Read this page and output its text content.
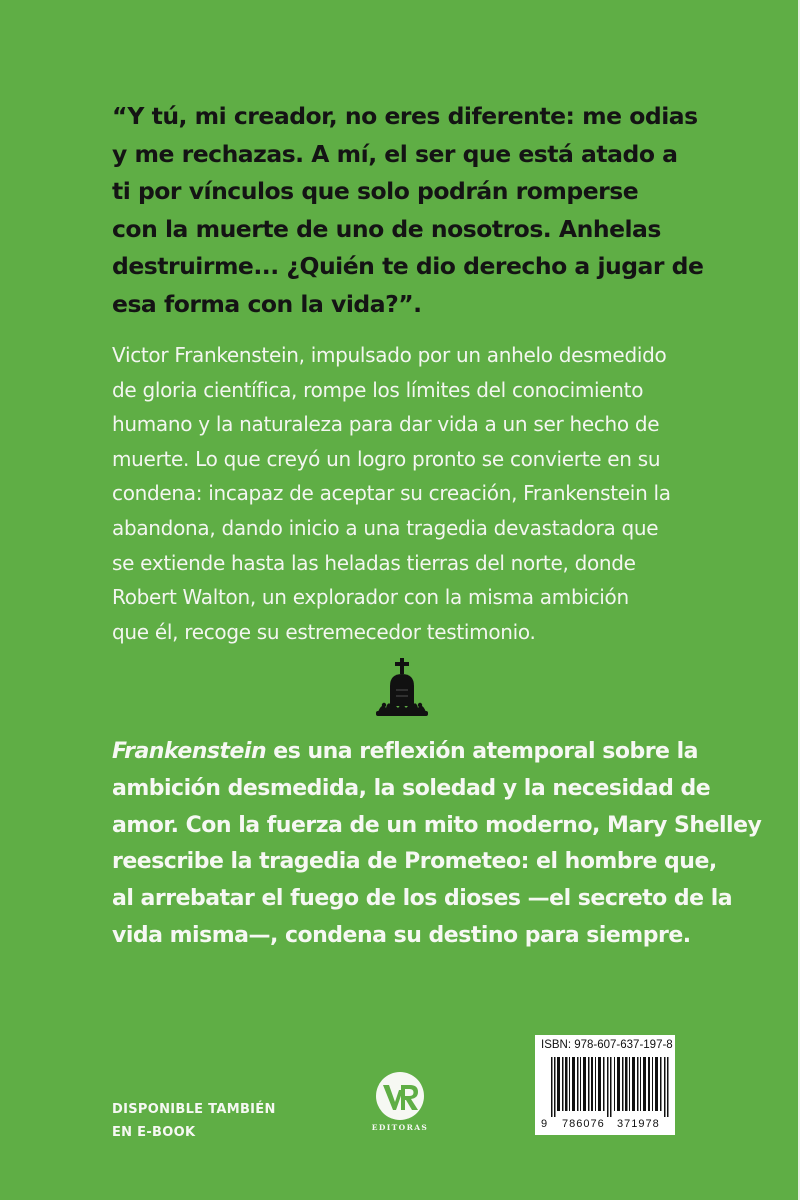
“Y tú, mi creador, no eres diferente: me odias
y me rechazas. A mí, el ser que está atado a
ti por vínculos que solo podrán romperse
con la muerte de uno de nosotros. Anhelas
destruirme... ¿Quién te dio derecho a jugar de
esa forma con la vida?”.
Victor Frankenstein, impulsado por un anhelo desmedido
de gloria científica, rompe los límites del conocimiento
humano y la naturaleza para dar vida a un ser hecho de
muerte. Lo que creyó un logro pronto se convierte en su
condena: incapaz de aceptar su creación, Frankenstein la
abandona, dando inicio a una tragedia devastadora que
se extiende hasta las heladas tierras del norte, donde
Robert Walton, un explorador con la misma ambición
que él, recoge su estremecedor testimonio.
Frankenstein es una reflexión atemporal sobre la
ambición desmedida, la soledad y la necesidad de
amor. Con la fuerza de un mito moderno, Mary Shelley
reescribe la tragedia de Prometeo: el hombre que,
al arrebatar el fuego de los dioses —el secreto de la
vida misma—, condena su destino para siempre.
DISPONIBLE TAMBIÉN
EN E-BOOK	EDITORAS
ISBN: 978-607-637-197-8
9 786076 371978
